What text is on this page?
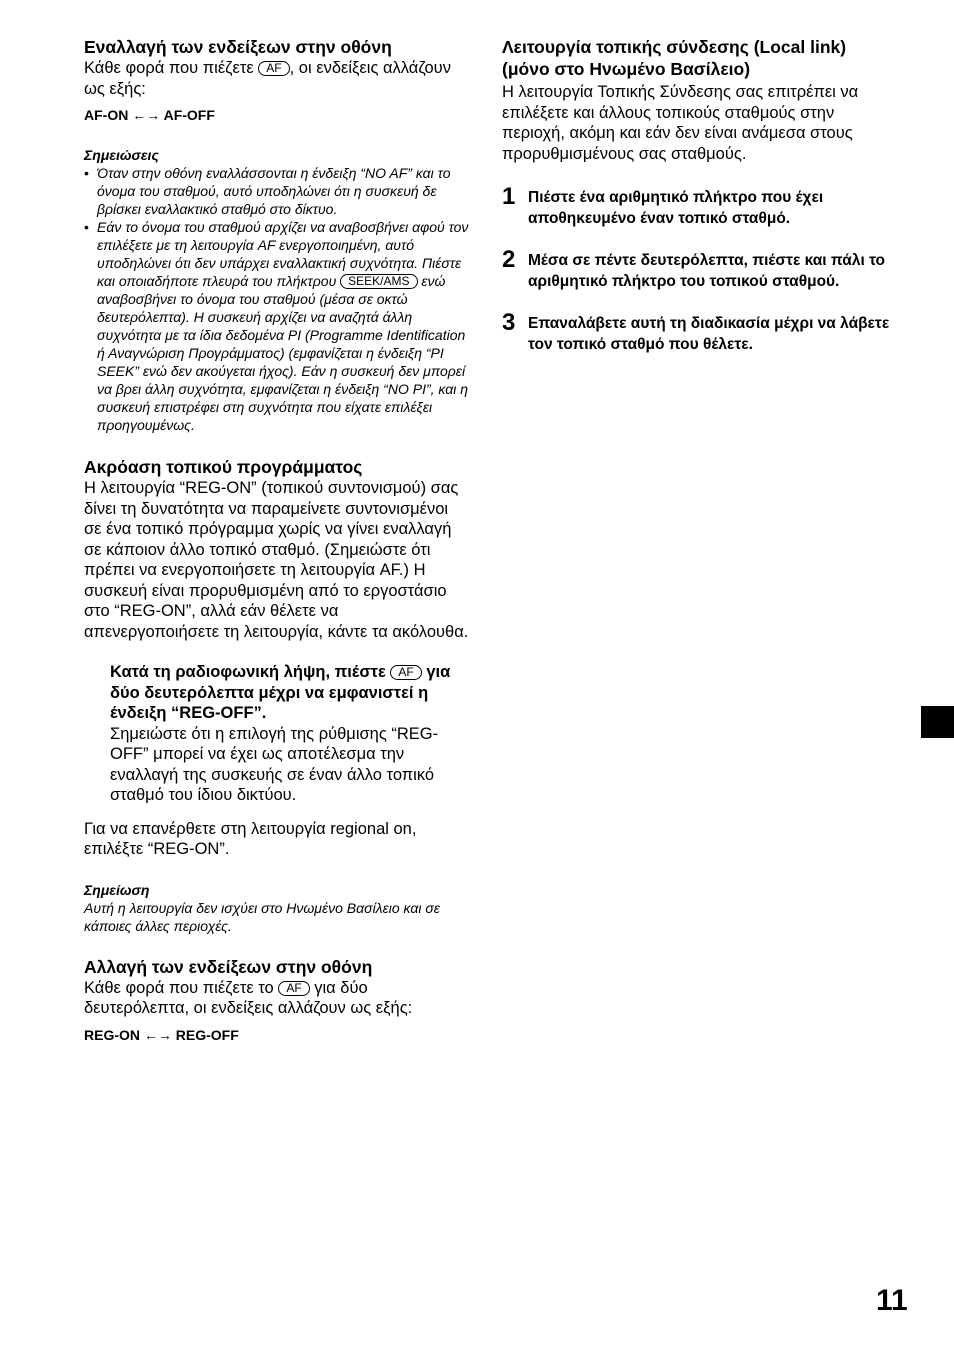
Εναλλαγή των ενδείξεων στην οθόνη

Κάθε φορά που πιέζετε AF , οι ενδείξεις αλλάζουν ως εξής:

AF-ON ←→ AF-OFF

Σημειώσεις

• Όταν στην οθόνη εναλλάσσονται η ένδειξη “NO AF” και το όνομα του σταθμού, αυτό υποδηλώνει ότι η συσκευή δε βρίσκει εναλλακτικό σταθμό στο δίκτυο.
• Εάν το όνομα του σταθμού αρχίζει να αναβοσβήνει αφού τον επιλέξετε με τη λειτουργία AF ενεργοποιημένη, αυτό υποδηλώνει ότι δεν υπάρχει εναλλακτική συχνότητα. Πιέστε και οποιαδήποτε πλευρά του πλήκτρου SEEK/AMS ενώ αναβοσβήνει το όνομα του σταθμού (μέσα σε οκτώ δευτερόλεπτα). Η συσκευή αρχίζει να αναζητά άλλη συχνότητα με τα ίδια δεδομένα PI (Programme Identification ή Αναγνώριση Προγράμματος) (εμφανίζεται η ένδειξη “PI SEEK” ενώ δεν ακούγεται ήχος). Εάν η συσκευή δεν μπορεί να βρει άλλη συχνότητα, εμφανίζεται η ένδειξη “NO PI”, και η συσκευή επιστρέφει στη συχνότητα που είχατε επιλέξει προηγουμένως.
Ακρόαση τοπικού προγράμματος

Η λειτουργία “REG-ON” (τοπικού συντονισμού) σας δίνει τη δυνατότητα να παραμείνετε συντονισμένοι σε ένα τοπικό πρόγραμμα χωρίς να γίνει εναλλαγή σε κάποιον άλλο τοπικό σταθμό. (Σημειώστε ότι πρέπει να ενεργοποιήσετε τη λειτουργία AF.) Η συσκευή είναι προρυθμισμένη από το εργοστάσιο στο “REG-ON”, αλλά εάν θέλετε να απενεργοποιήσετε τη λειτουργία, κάντε τα ακόλουθα.

Κατά τη ραδιοφωνική λήψη, πιέστε AF για δύο δευτερόλεπτα μέχρι να εμφανιστεί η ένδειξη “REG-OFF”.

Σημειώστε ότι η επιλογή της ρύθμισης “REG-OFF” μπορεί να έχει ως αποτέλεσμα την εναλλαγή της συσκευής σε έναν άλλο τοπικό σταθμό του ίδιου δικτύου.

Για να επανέρθετε στη λειτουργία regional on, επιλέξτε “REG-ON”.

Σημείωση

Αυτή η λειτουργία δεν ισχύει στο Ηνωμένο Βασίλειο και σε κάποιες άλλες περιοχές.

Αλλαγή των ενδείξεων στην οθόνη

Κάθε φορά που πιέζετε το AF για δύο δευτερόλεπτα, οι ενδείξεις αλλάζουν ως εξής:

REG-ON ←→ REG-OFF

Λειτουργία τοπικής σύνδεσης (Local link) (μόνο στο Ηνωμένο Βασίλειο)

Η λειτουργία Τοπικής Σύνδεσης σας επιτρέπει να επιλέξετε και άλλους τοπικούς σταθμούς στην περιοχή, ακόμη και εάν δεν είναι ανάμεσα στους προρυθμισμένους σας σταθμούς.

1 Πιέστε ένα αριθμητικό πλήκτρο που έχει αποθηκευμένο έναν τοπικό σταθμό.
2 Μέσα σε πέντε δευτερόλεπτα, πιέστε και πάλι το αριθμητικό πλήκτρο του τοπικού σταθμού.
3 Επαναλάβετε αυτή τη διαδικασία μέχρι να λάβετε τον τοπικό σταθμό που θέλετε.
11
